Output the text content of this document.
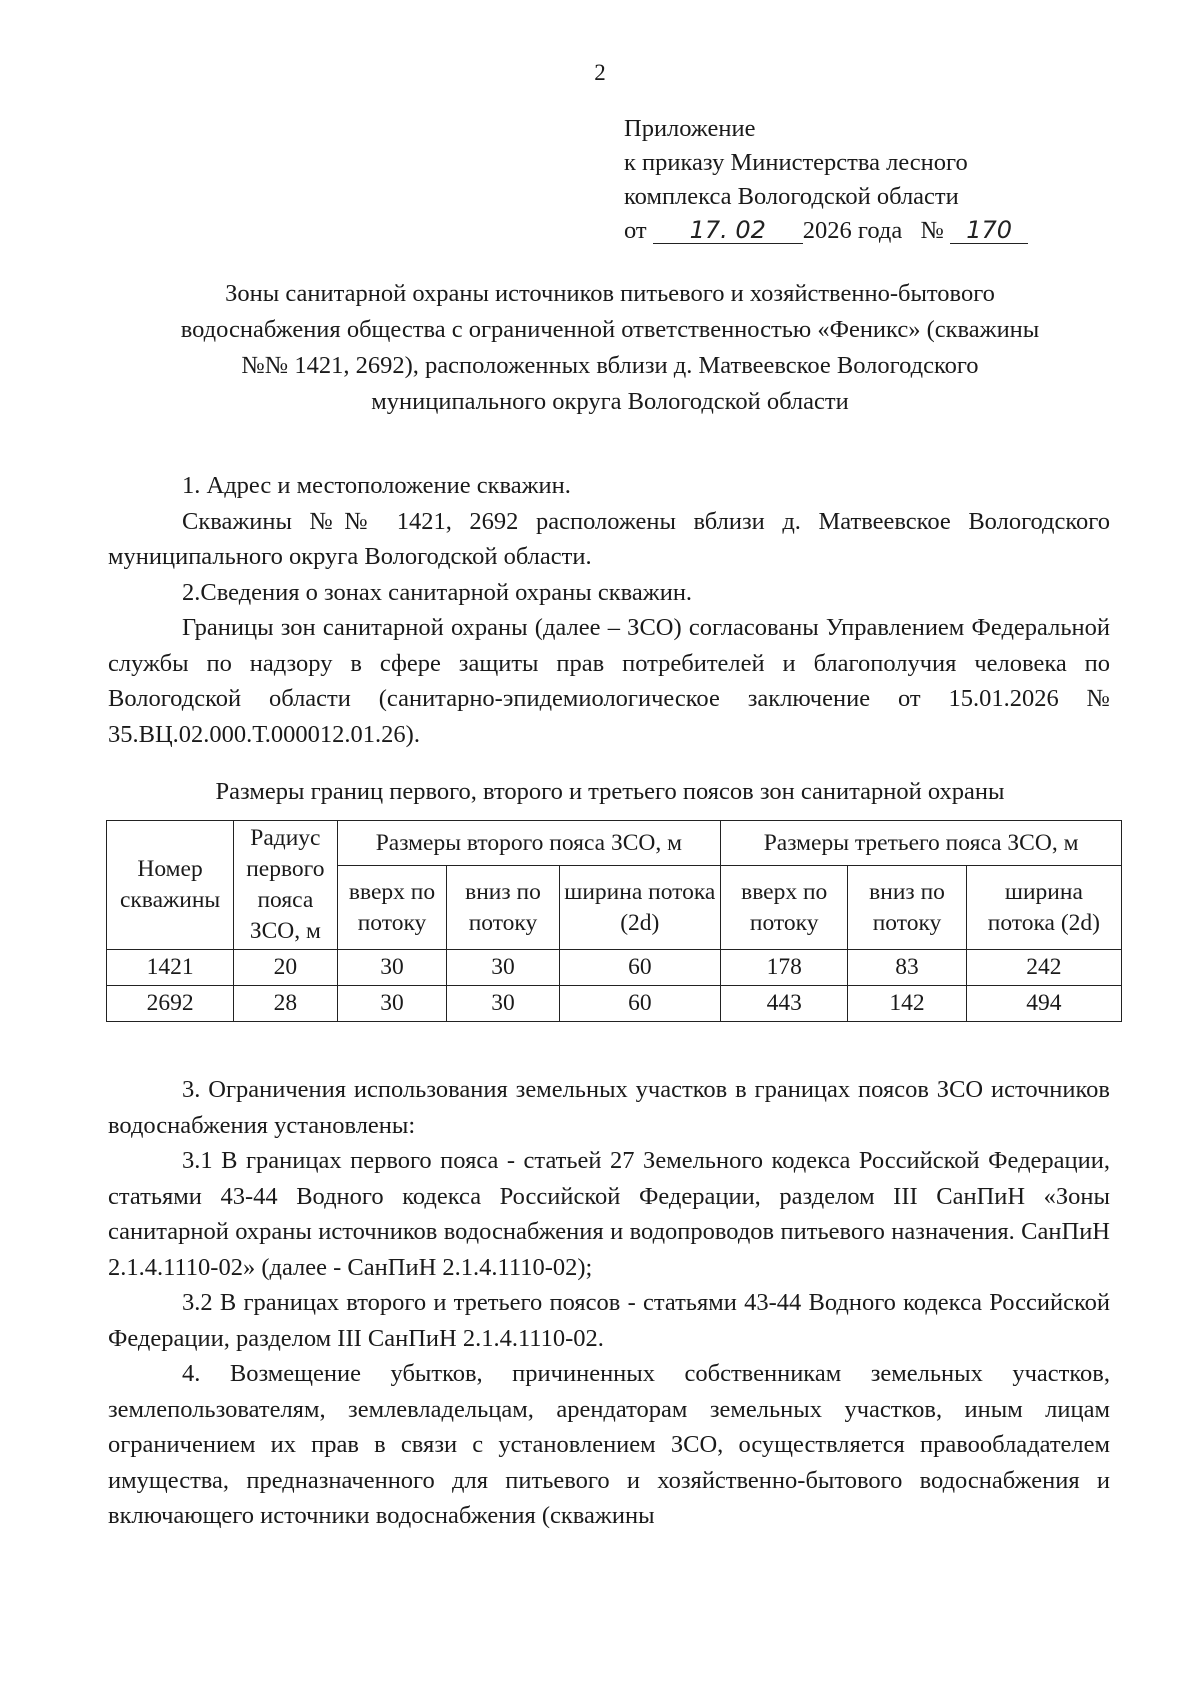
2
Приложение
к приказу Министерства лесного
комплекса Вологодской области
от 17. 02 2026 года № 170
Зоны санитарной охраны источников питьевого и хозяйственно-бытового
водоснабжения общества с ограниченной ответственностью «Феникс» (скважины
№№ 1421, 2692), расположенных вблизи д. Матвеевское Вологодского
муниципального округа Вологодской области

1. Адрес и местоположение скважин.

Скважины №№ 1421, 2692 расположены вблизи д. Матвеевское Вологодского муниципального округа Вологодской области.

2.Сведения о зонах санитарной охраны скважин.

Границы зон санитарной охраны (далее – ЗСО) согласованы Управлением Федеральной службы по надзору в сфере защиты прав потребителей и благополучия человека по Вологодской области (санитарно-эпидемиологическое заключение от 15.01.2026 № 35.ВЦ.02.000.Т.000012.01.26).

Размеры границ первого, второго и третьего поясов зон санитарной охраны
Номер скважины	Радиус первого пояса ЗСО, м	Размеры второго пояса ЗСО, м			Размеры третьего пояса ЗСО, м		
		вверх по потоку	вниз по потоку	ширина потока (2d)	вверх по потоку	вниз по потоку	ширина потока (2d)
1421	20	30	30	60	178	83	242
2692	28	30	30	60	443	142	494

3. Ограничения использования земельных участков в границах поясов ЗСО источников водоснабжения установлены:

3.1 В границах первого пояса - статьей 27 Земельного кодекса Российской Федерации, статьями 43-44 Водного кодекса Российской Федерации, разделом III СанПиН «Зоны санитарной охраны источников водоснабжения и водопроводов питьевого назначения. СанПиН 2.1.4.1110-02» (далее - СанПиН 2.1.4.1110-02);

3.2 В границах второго и третьего поясов - статьями 43-44 Водного кодекса Российской Федерации, разделом III СанПиН 2.1.4.1110-02.

4. Возмещение убытков, причиненных собственникам земельных участков, землепользователям, землевладельцам, арендаторам земельных участков, иным лицам ограничением их прав в связи с установлением ЗСО, осуществляется правообладателем имущества, предназначенного для питьевого и хозяйственно-бытового водоснабжения и включающего источники водоснабжения (скважины
